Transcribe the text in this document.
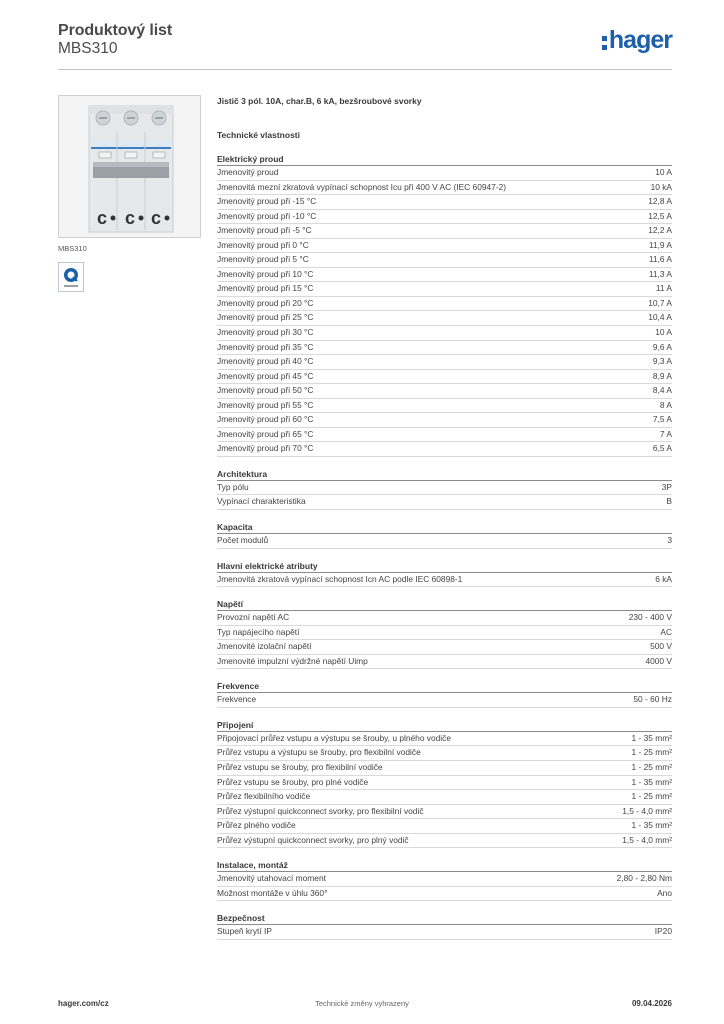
Produktový list
MBS310	hager
c c c
MBS310
Jistič 3 pól. 10A, char.B, 6 kA, bezšroubové svorky
Technické vlastnosti
Elektrický proud
Jmenovitý proud	10 A
Jmenovitá mezní zkratová vypínací schopnost Icu při 400 V AC (IEC 60947-2)	10 kA
Jmenovitý proud při -15 °C	12,8 A
Jmenovitý proud při -10 °C	12,5 A
Jmenovitý proud při -5 °C	12,2 A
Jmenovitý proud při 0 °C	11,9 A
Jmenovitý proud při 5 °C	11,6 A
Jmenovitý proud při 10 °C	11,3 A
Jmenovitý proud při 15 °C	11 A
Jmenovitý proud při 20 °C	10,7 A
Jmenovitý proud při 25 °C	10,4 A
Jmenovitý proud při 30 °C	10 A
Jmenovitý proud při 35 °C	9,6 A
Jmenovitý proud při 40 °C	9,3 A
Jmenovitý proud při 45 °C	8,9 A
Jmenovitý proud při 50 °C	8,4 A
Jmenovitý proud při 55 °C	8 A
Jmenovitý proud při 60 °C	7,5 A
Jmenovitý proud při 65 °C	7 A
Jmenovitý proud při 70 °C	6,5 A
Architektura
Typ pólu	3P
Vypínací charakteristika	B
Kapacita
Počet modulů	3
Hlavní elektrické atributy
Jmenovitá zkratová vypínací schopnost Icn AC podle IEC 60898-1	6 kA
Napětí
Provozní napětí AC	230 - 400 V
Typ napájecího napětí	AC
Jmenovité izolační napětí	500 V
Jmenovité impulzní výdržné napětí Uimp	4000 V
Frekvence
Frekvence	50 - 60 Hz
Připojení
Připojovací průřez vstupu a výstupu se šrouby, u plného vodiče	1 - 35 mm²
Průřez vstupu a výstupu se šrouby, pro flexibilní vodiče	1 - 25 mm²
Průřez vstupu se šrouby, pro flexibilní vodiče	1 - 25 mm²
Průřez vstupu se šrouby, pro plné vodiče	1 - 35 mm²
Průřez flexibilního vodiče	1 - 25 mm²
Průřez výstupní quickconnect svorky, pro flexibilní vodič	1,5 - 4,0 mm²
Průřez plného vodiče	1 - 35 mm²
Průřez výstupní quickconnect svorky, pro plný vodič	1,5 - 4,0 mm²
Instalace, montáž
Jmenovitý utahovací moment	2,80 - 2,80 Nm
Možnost montáže v úhlu 360°	Ano
Bezpečnost
Stupeň krytí IP	IP20
hager.com/cz	Technické změny vyhrazeny	09.04.2026
